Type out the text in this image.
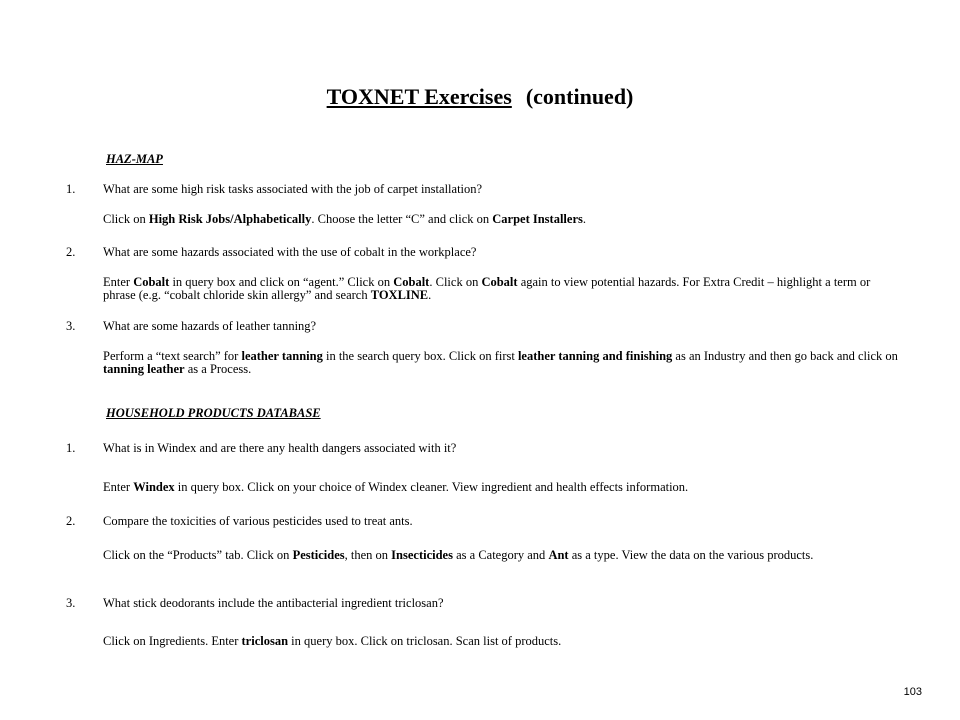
TOXNET Exercises (continued)
HAZ-MAP
1. What are some high risk tasks associated with the job of carpet installation?
Click on High Risk Jobs/Alphabetically. Choose the letter “C” and click on Carpet Installers.
2. What are some hazards associated with the use of cobalt in the workplace?
Enter Cobalt in query box and click on “agent.” Click on Cobalt. Click on Cobalt again to view potential hazards. For Extra Credit – highlight a term or phrase (e.g. “cobalt chloride skin allergy” and search TOXLINE.
3. What are some hazards of leather tanning?
Perform a “text search” for leather tanning in the search query box. Click on first leather tanning and finishing as an Industry and then go back and click on tanning leather as a Process.
HOUSEHOLD PRODUCTS DATABASE
1. What is in Windex and are there any health dangers associated with it?
Enter Windex in query box. Click on your choice of Windex cleaner. View ingredient and health effects information.
2. Compare the toxicities of various pesticides used to treat ants.
Click on the “Products” tab. Click on Pesticides, then on Insecticides as a Category and Ant as a type. View the data on the various products.
3. What stick deodorants include the antibacterial ingredient triclosan?
Click on Ingredients. Enter triclosan in query box. Click on triclosan. Scan list of products.
103
